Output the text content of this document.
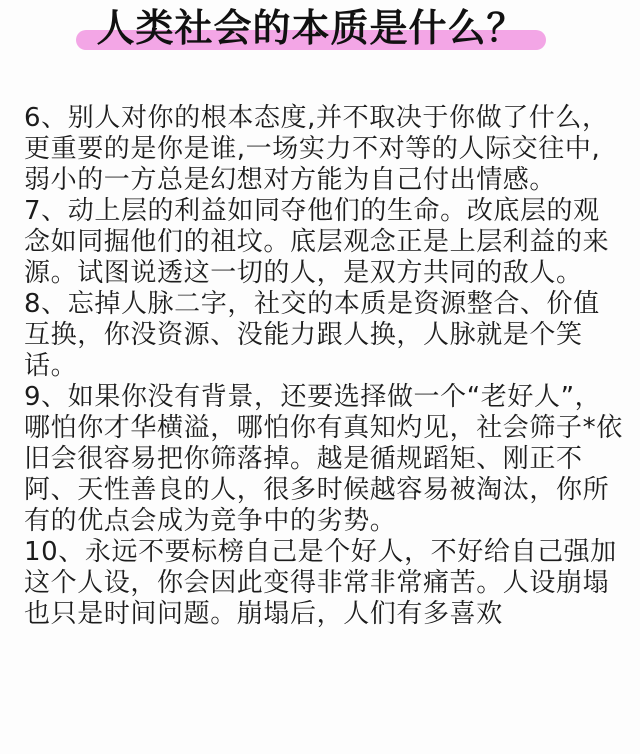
人类社会的本质是什么？

6、别人对你的根本态度,并不取决于你做了什么，更重要的是你是谁,一场实力不对等的人际交往中,弱小的一方总是幻想对方能为自己付出情感。

7、动上层的利益如同夺他们的生命。改底层的观念如同掘他们的祖坟。底层观念正是上层利益的来源。试图说透这一切的人，是双方共同的敌人。

8、忘掉人脉二字，社交的本质是资源整合、价值互换，你没资源、没能力跟人换，人脉就是个笑话。

9、如果你没有背景，还要选择做一个“老好人”，哪怕你才华横溢，哪怕你有真知灼见，社会筛子*依旧会很容易把你筛落掉。越是循规蹈矩、刚正不阿、天性善良的人，很多时候越容易被淘汰，你所有的优点会成为竞争中的劣势。

10、永远不要标榜自己是个好人，不好给自己强加这个人设，你会因此变得非常非常痛苦。人设崩塌也只是时间问题。崩塌后，人们有多喜欢
